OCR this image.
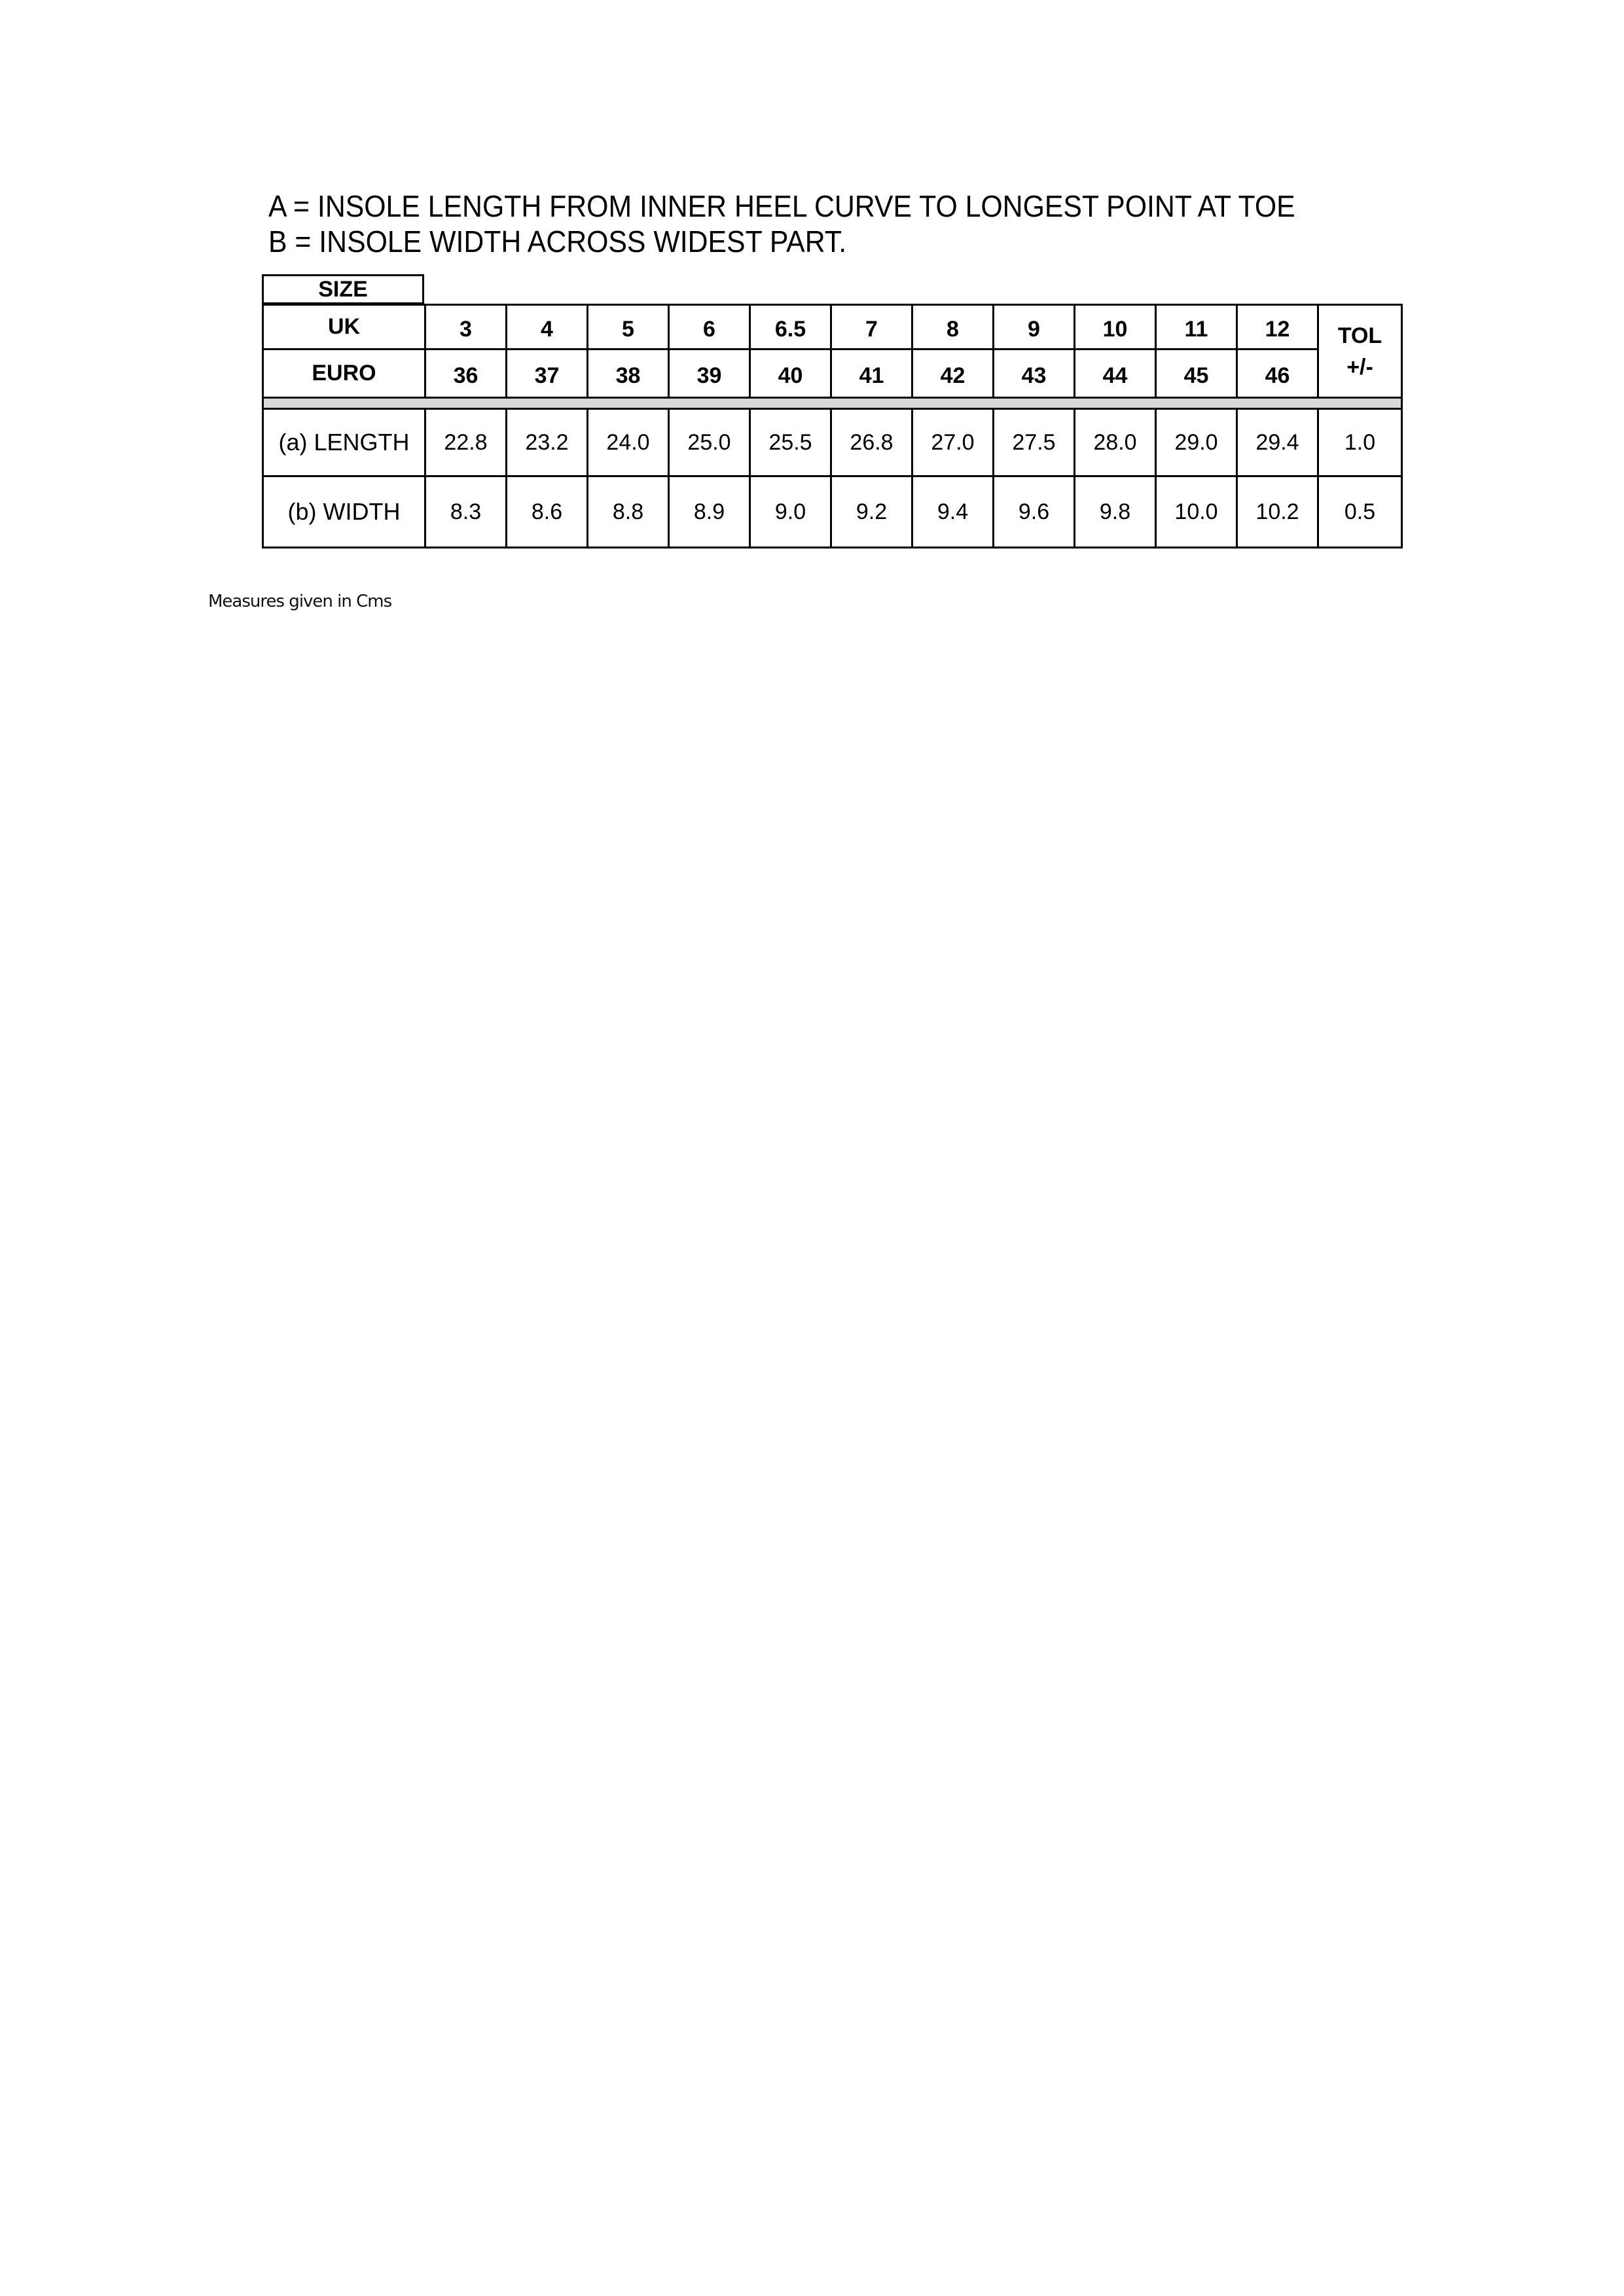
A = INSOLE LENGTH FROM INNER HEEL CURVE TO LONGEST POINT AT TOE
B = INSOLE WIDTH ACROSS WIDEST PART.
SIZE
UK	3	4	5	6	6.5	7	8	9	10	11	12	TOL
+/-

EURO	36	37	38	39	40	41	42	43	44	45	46	

(a) LENGTH	22.8	23.2	24.0	25.0	25.5	26.8	27.0	27.5	28.0	29.0	29.4	1.0
(b) WIDTH	8.3	8.6	8.8	8.9	9.0	9.2	9.4	9.6	9.8	10.0	10.2	0.5
Measures given in Cms
